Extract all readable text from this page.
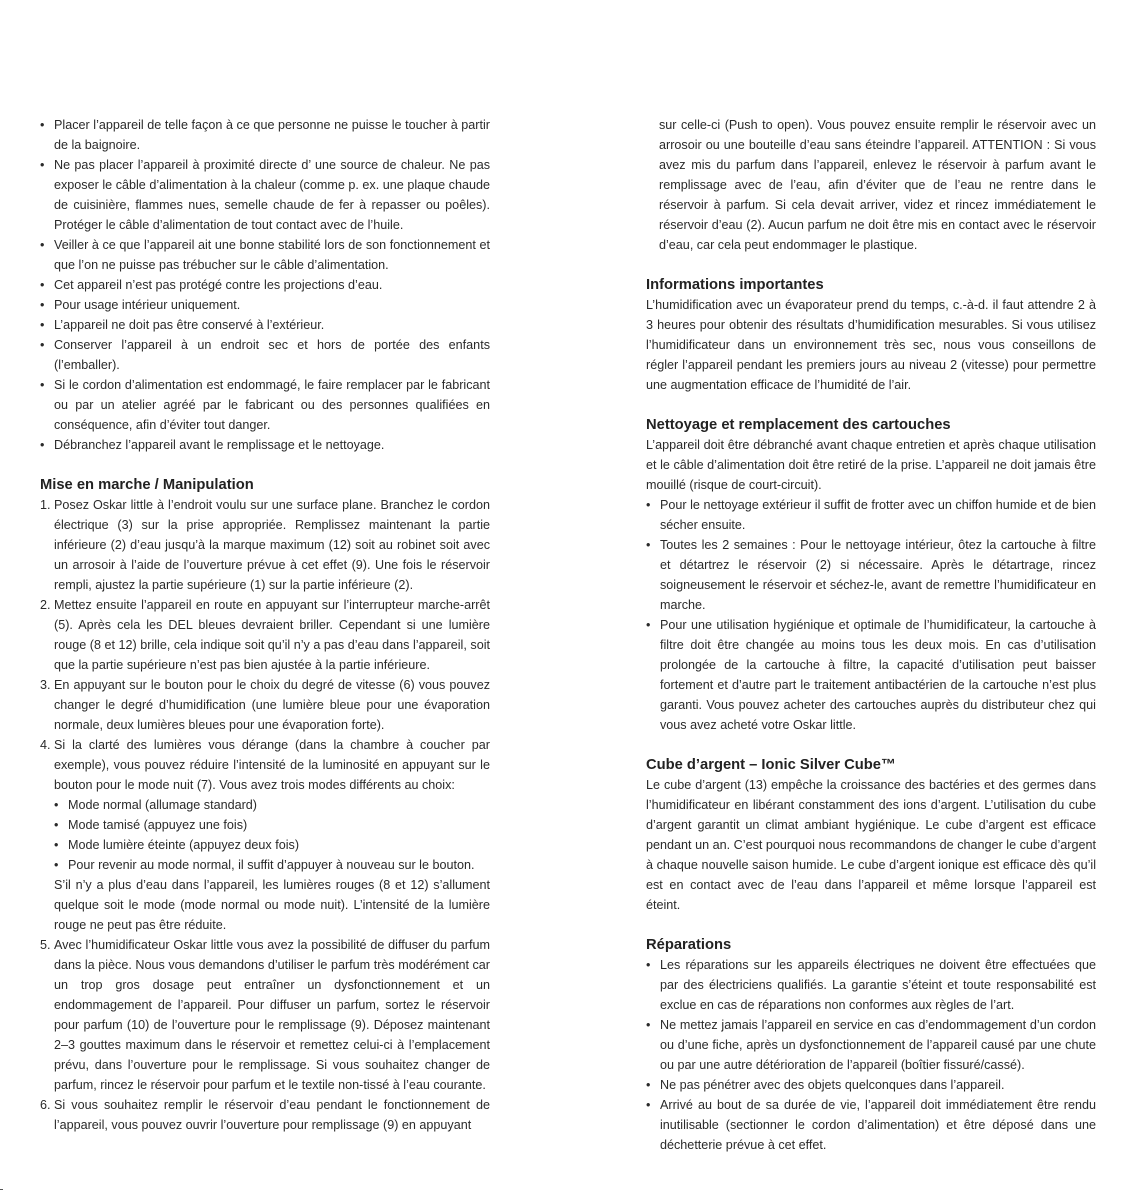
• Placer l’appareil de telle façon à ce que personne ne puisse le toucher à partir de la baignoire.
• Ne pas placer l’appareil à proximité directe d’ une source de chaleur. Ne pas exposer le câble d’alimentation à la chaleur (comme p. ex. une plaque chaude de cuisinière, flammes nues, semelle chaude de fer à repasser ou poêles). Protéger le câble d’alimentation de tout contact avec de l’huile.
• Veiller à ce que l’appareil ait une bonne stabilité lors de son fonctionnement et que l’on ne puisse pas trébucher sur le câble d’alimentation.
• Cet appareil n’est pas protégé contre les projections d’eau.
• Pour usage intérieur uniquement.
• L’appareil ne doit pas être conservé à l’extérieur.
• Conserver l’appareil à un endroit sec et hors de portée des enfants (l’emballer).
• Si le cordon d’alimentation est endommagé, le faire remplacer par le fabricant ou par un atelier agréé par le fabricant ou des personnes qualifiées en conséquence, afin d’éviter tout danger.
• Débranchez l’appareil avant le remplissage et le nettoyage.
Mise en marche / Manipulation
1. Posez Oskar little à l’endroit voulu sur une surface plane. Branchez le cordon électrique (3) sur la prise appropriée. Remplissez maintenant la partie inférieure (2) d’eau jusqu’à la marque maximum (12) soit au robinet soit avec un arrosoir à l’aide de l’ouverture prévue à cet effet (9). Une fois le réservoir rempli, ajustez la partie supérieure (1) sur la partie inférieure (2).
2. Mettez ensuite l’appareil en route en appuyant sur l’interrupteur marche-arrêt (5). Après cela les DEL bleues devraient briller. Cependant si une lumière rouge (8 et 12) brille, cela indique soit qu’il n’y a pas d’eau dans l’appareil, soit que la partie supérieure n’est pas bien ajustée à la partie inférieure.
3. En appuyant sur le bouton pour le choix du degré de vitesse (6) vous pouvez changer le degré d’humidification (une lumière bleue pour une évaporation normale, deux lumières bleues pour une évaporation forte).
4. Si la clarté des lumières vous dérange (dans la chambre à coucher par exemple), vous pouvez réduire l’intensité de la luminosité en appuyant sur le bouton pour le mode nuit (7). Vous avez trois modes différents au choix:
• Mode normal (allumage standard)
• Mode tamisé (appuyez une fois)
• Mode lumière éteinte (appuyez deux fois)
• Pour revenir au mode normal, il suffit d’appuyer à nouveau sur le bouton.
S’il n’y a plus d’eau dans l’appareil, les lumières rouges (8 et 12) s’allument quelque soit le mode (mode normal ou mode nuit). L’intensité de la lumière rouge ne peut pas être réduite.
5. Avec l’humidificateur Oskar little vous avez la possibilité de diffuser du parfum dans la pièce. Nous vous demandons d’utiliser le parfum très modérément car un trop gros dosage peut entraîner un dysfonctionnement et un endommagement de l’appareil. Pour diffuser un parfum, sortez le réservoir pour parfum (10) de l’ouverture pour le remplissage (9). Déposez maintenant 2–3 gouttes maximum dans le réservoir et remettez celui-ci à l’emplacement prévu, dans l’ouverture pour le remplissage. Si vous souhaitez changer de parfum, rincez le réservoir pour parfum et le textile non-tissé à l’eau courante.
6. Si vous souhaitez remplir le réservoir d’eau pendant le fonctionnement de l’appareil, vous pouvez ouvrir l’ouverture pour remplissage (9) en appuyant

sur celle-ci (Push to open). Vous pouvez ensuite remplir le réservoir avec un arrosoir ou une bouteille d’eau sans éteindre l’appareil. ATTENTION : Si vous avez mis du parfum dans l’appareil, enlevez le réservoir à parfum avant le remplissage avec de l’eau, afin d’éviter que de l’eau ne rentre dans le réservoir à parfum. Si cela devait arriver, videz et rincez immédiatement le réservoir d’eau (2). Aucun parfum ne doit être mis en contact avec le réservoir d’eau, car cela peut endommager le plastique.

Informations importantes

L’humidification avec un évaporateur prend du temps, c.-à-d. il faut attendre 2 à 3 heures pour obtenir des résultats d’humidification mesurables. Si vous utilisez l’humidificateur dans un environnement très sec, nous vous conseillons de régler l’appareil pendant les premiers jours au niveau 2 (vitesse) pour permettre une augmentation efficace de l’humidité de l’air.

Nettoyage et remplacement des cartouches

L’appareil doit être débranché avant chaque entretien et après chaque utilisation et le câble d’alimentation doit être retiré de la prise. L’appareil ne doit jamais être mouillé (risque de court-circuit).

• Pour le nettoyage extérieur il suffit de frotter avec un chiffon humide et de bien sécher ensuite.
• Toutes les 2 semaines : Pour le nettoyage intérieur, ôtez la cartouche à filtre et détartrez le réservoir (2) si nécessaire. Après le détartrage, rincez soigneusement le réservoir et séchez-le, avant de remettre l’humidificateur en marche.
• Pour une utilisation hygiénique et optimale de l’humidificateur, la cartouche à filtre doit être changée au moins tous les deux mois. En cas d’utilisation prolongée de la cartouche à filtre, la capacité d’utilisation peut baisser fortement et d’autre part le traitement antibactérien de la cartouche n’est plus garanti. Vous pouvez acheter des cartouches auprès du distributeur chez qui vous avez acheté votre Oskar little.
Cube d’argent – Ionic Silver Cube™

Le cube d’argent (13) empêche la croissance des bactéries et des germes dans l’humidificateur en libérant constamment des ions d’argent. L’utilisation du cube d’argent garantit un climat ambiant hygiénique. Le cube d’argent est efficace pendant un an. C’est pourquoi nous recommandons de changer le cube d’argent à chaque nouvelle saison humide. Le cube d’argent ionique est efficace dès qu’il est en contact avec de l’eau dans l’appareil et même lorsque l’appareil est éteint.

Réparations
• Les réparations sur les appareils électriques ne doivent être effectuées que par des électriciens qualifiés. La garantie s’éteint et toute responsabilité est exclue en cas de réparations non conformes aux règles de l’art.
• Ne mettez jamais l’appareil en service en cas d’endommagement d’un cordon ou d’une fiche, après un dysfonctionnement de l’appareil causé par une chute ou par une autre détérioration de l’appareil (boîtier fissuré/cassé).
• Ne pas pénétrer avec des objets quelconques dans l’appareil.
• Arrivé au bout de sa durée de vie, l’appareil doit immédiatement être rendu inutilisable (sectionner le cordon d’alimentation) et être déposé dans une déchetterie prévue à cet effet.
